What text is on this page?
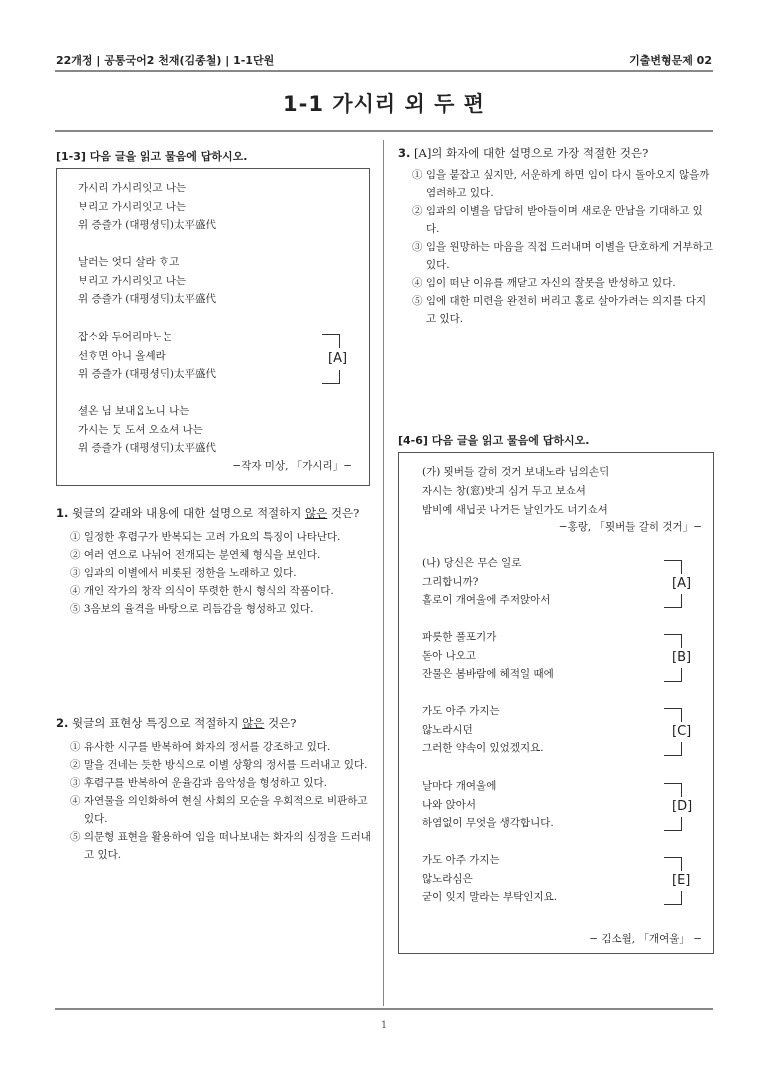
22개정 | 공통국어2 천재(김종철) | 1-1단원	기출변형문제 02
1-1 가시리 외 두 편
[1-3] 다음 글을 읽고 물음에 답하시오.
가시리 가시리잇고 나는
ᄇᆞ리고 가시리잇고 나는
위 증즐가 (대평셩ᄃᆡ)太平盛代
날러는 엇디 살라 ᄒᆞ고
ᄇᆞ리고 가시리잇고 나는
위 증즐가 (대평셩ᄃᆡ)太平盛代
잡ᄉᆞ와 두어리마ᄂᆞᄂᆞᆫ
선ᄒᆞ면 아니 올셰라
위 증즐가 (대평셩ᄃᆡ)太平盛代
셜온 님 보내ᄋᆞᆸ노니 나는
가시는 ᄃᆞᆺ 도셔 오쇼셔 나는
위 증즐가 (대평셩ᄃᆡ)太平盛代
[A]
−작자 미상, 「가시리」−
1. 윗글의 갈래와 내용에 대한 설명으로 적절하지 않은 것은?
① 일정한 후렴구가 반복되는 고려 가요의 특징이 나타난다.
② 여러 연으로 나뉘어 전개되는 분연체 형식을 보인다.
③ 임과의 이별에서 비롯된 정한을 노래하고 있다.
④ 개인 작가의 창작 의식이 뚜렷한 한시 형식의 작품이다.
⑤ 3음보의 율격을 바탕으로 리듬감을 형성하고 있다.
2. 윗글의 표현상 특징으로 적절하지 않은 것은?
① 유사한 시구를 반복하여 화자의 정서를 강조하고 있다.
② 말을 건네는 듯한 방식으로 이별 상황의 정서를 드러내고 있다.
③ 후렴구를 반복하여 운율감과 음악성을 형성하고 있다.
④ 자연물을 의인화하여 현실 사회의 모순을 우회적으로 비판하고 있다.
⑤ 의문형 표현을 활용하여 임을 떠나보내는 화자의 심정을 드러내고 있다.
3. [A]의 화자에 대한 설명으로 가장 적절한 것은?
① 임을 붙잡고 싶지만, 서운하게 하면 임이 다시 돌아오지 않을까 염려하고 있다.
② 임과의 이별을 담담히 받아들이며 새로운 만남을 기대하고 있다.
③ 임을 원망하는 마음을 직접 드러내며 이별을 단호하게 거부하고 있다.
④ 임이 떠난 이유를 깨닫고 자신의 잘못을 반성하고 있다.
⑤ 임에 대한 미련을 완전히 버리고 홀로 살아가려는 의지를 다지고 있다.
[4-6] 다음 글을 읽고 물음에 답하시오.
(가) 묏버들 갈히 것거 보내노라 님의손ᄃᆡ
자시는 창(窓)밧긔 심거 두고 보쇼셔
밤비예 새닙곳 나거든 날인가도 너기쇼셔
−홍랑, 「묏버들 갈히 것거」−
(나) 당신은 무슨 일로
그리합니까?
홀로이 개여울에 주저앉아서
[A]
파릇한 풀포기가
돋아 나오고
잔물은 봄바람에 헤적일 때에
[B]
가도 아주 가지는
않노라시던
그러한 약속이 있었겠지요.
[C]
날마다 개여울에
나와 앉아서
하염없이 무엇을 생각합니다.
[D]
가도 아주 가지는
않노라심은
굳이 잊지 말라는 부탁인지요.
[E]
− 김소월, 「개여울」 −
1
